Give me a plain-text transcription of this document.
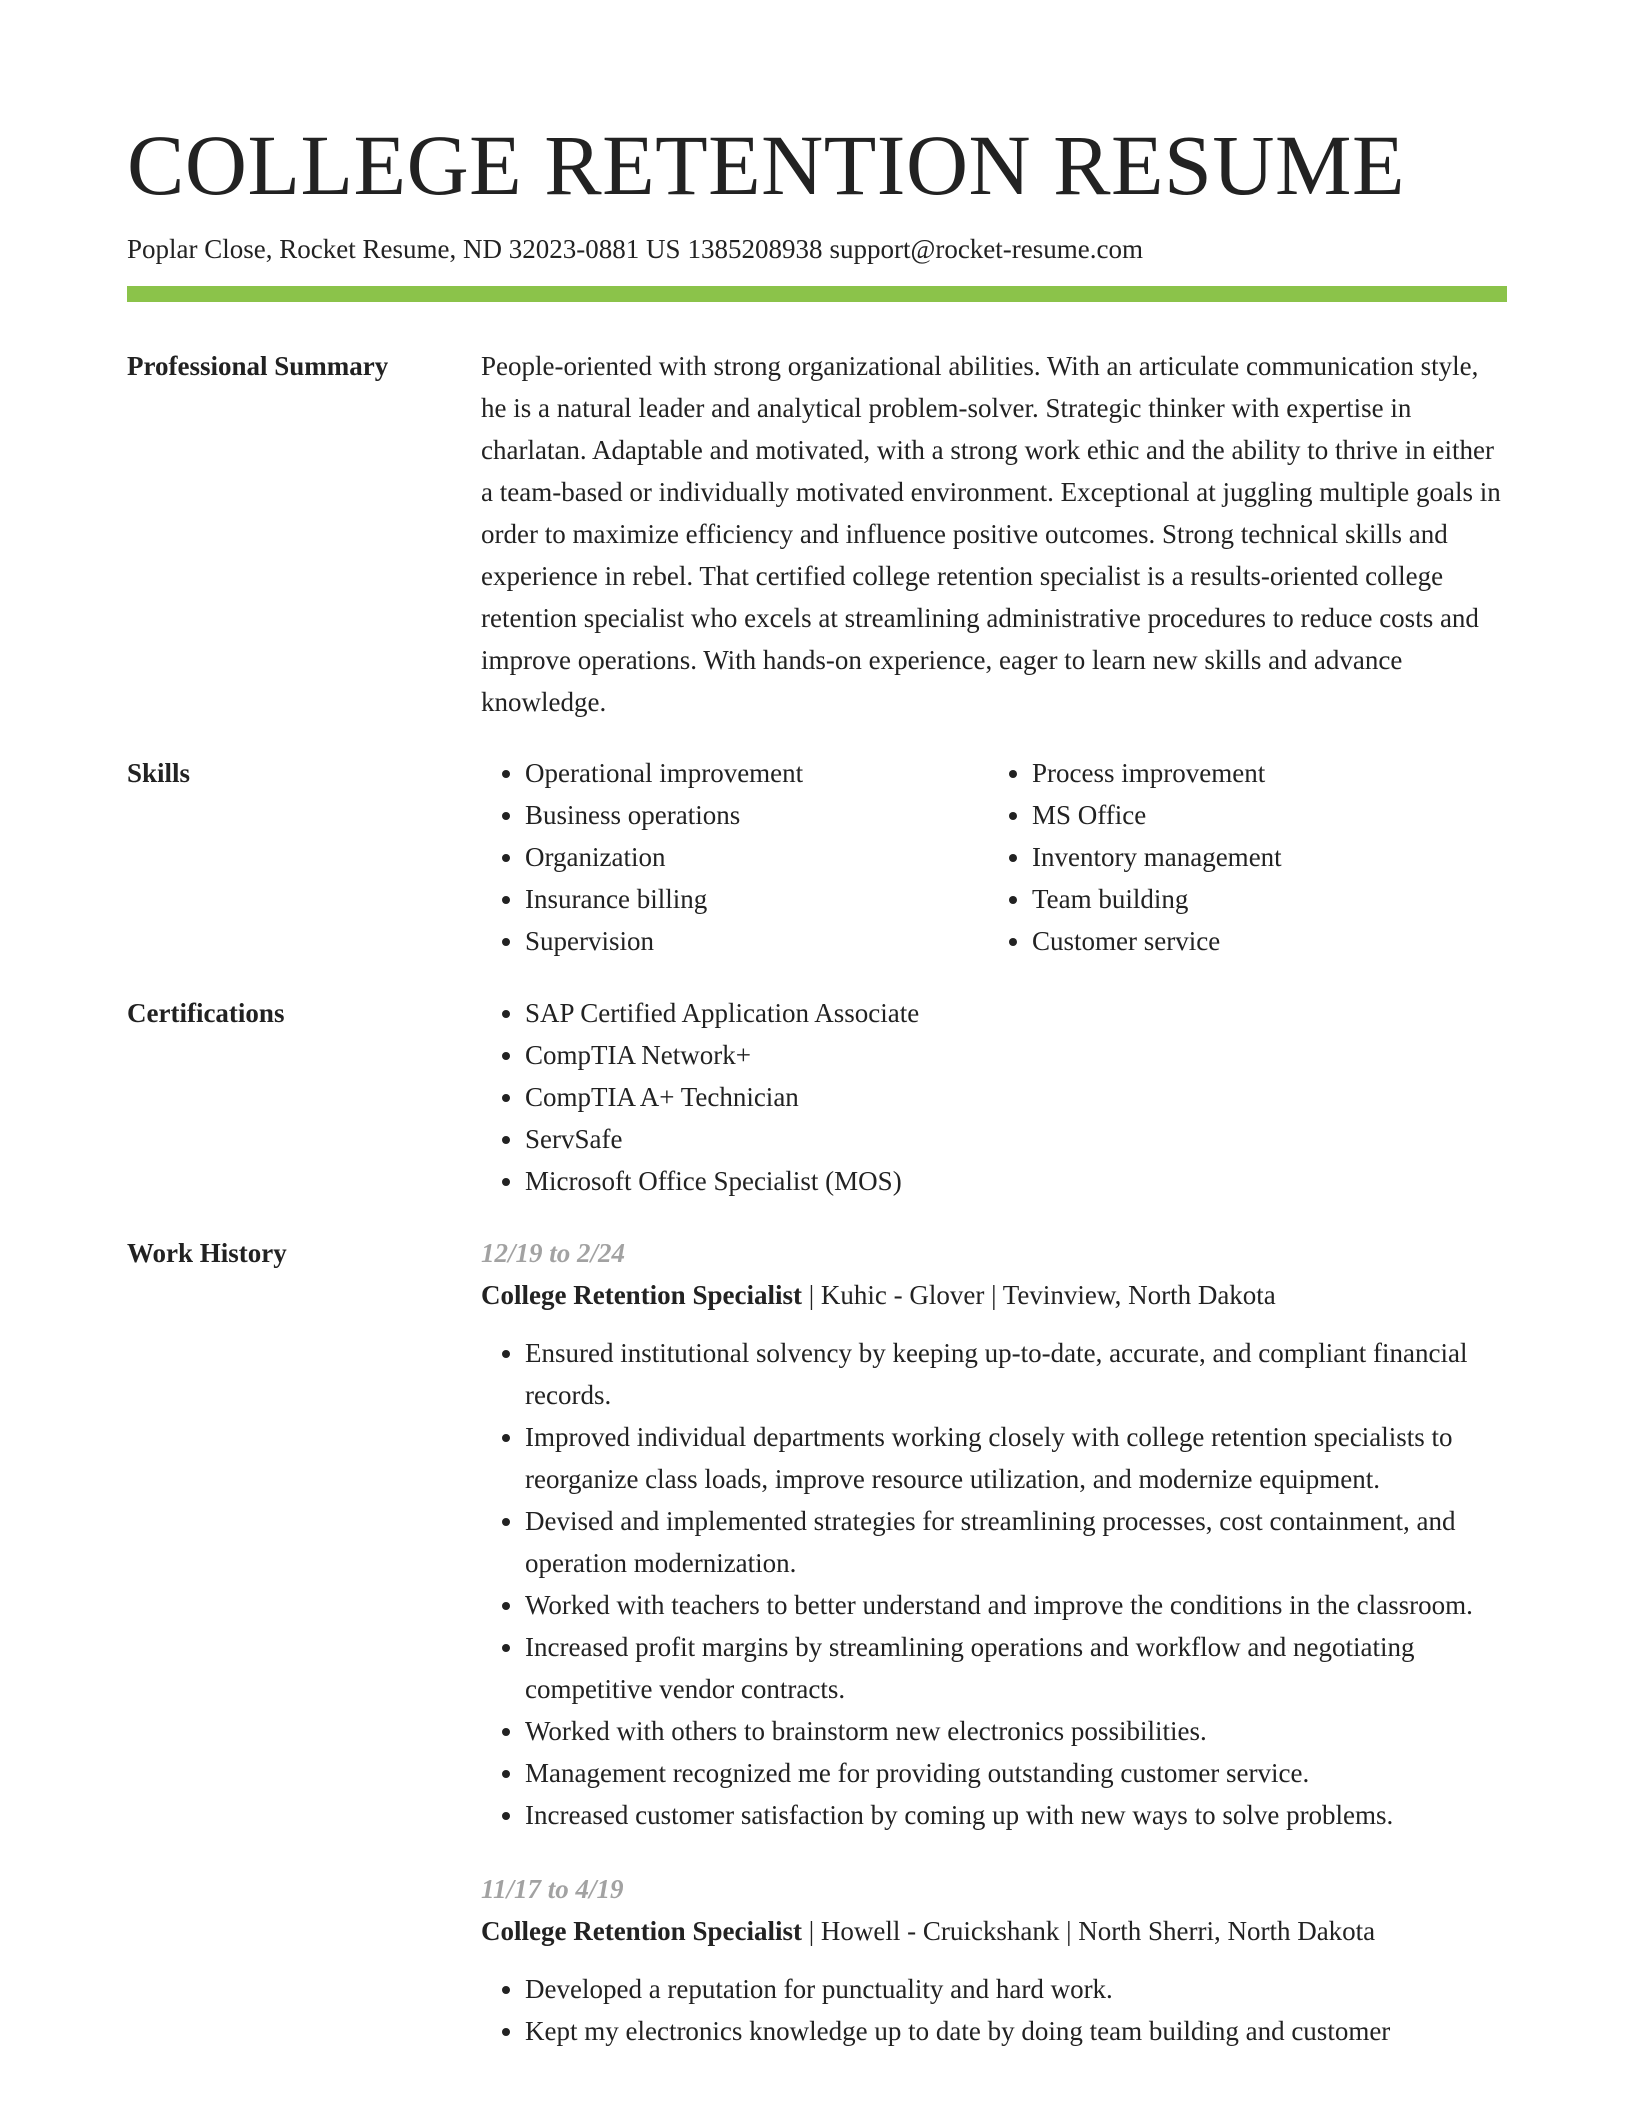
COLLEGE RETENTION RESUME
Poplar Close, Rocket Resume, ND 32023-0881 US 1385208938 support@rocket-resume.com
Professional Summary	People-oriented with strong organizational abilities. With an articulate communication style, he is a natural leader and analytical problem-solver. Strategic thinker with expertise in charlatan. Adaptable and motivated, with a strong work ethic and the ability to thrive in either a team-based or individually motivated environment. Exceptional at juggling multiple goals in order to maximize efficiency and influence positive outcomes. Strong technical skills and experience in rebel. That certified college retention specialist is a results-oriented college retention specialist who excels at streamlining administrative procedures to reduce costs and improve operations. With hands-on experience, eager to learn new skills and advance knowledge.

Skills	• Operational improvement
• Business operations
• Organization
• Insurance billing
• Supervision
• Process improvement
• MS Office
• Inventory management
• Team building
• Customer service
Certifications	• SAP Certified Application Associate
• CompTIA Network+
• CompTIA A+ Technician
• ServSafe
• Microsoft Office Specialist (MOS)
Work History	12/19 to 2/24
College Retention Specialist | Kuhic - Glover | Tevinview, North Dakota
• Ensured institutional solvency by keeping up-to-date, accurate, and compliant financial records.
• Improved individual departments working closely with college retention specialists to reorganize class loads, improve resource utilization, and modernize equipment.
• Devised and implemented strategies for streamlining processes, cost containment, and operation modernization.
• Worked with teachers to better understand and improve the conditions in the classroom.
• Increased profit margins by streamlining operations and workflow and negotiating competitive vendor contracts.
• Worked with others to brainstorm new electronics possibilities.
• Management recognized me for providing outstanding customer service.
• Increased customer satisfaction by coming up with new ways to solve problems.
11/17 to 4/19
College Retention Specialist | Howell - Cruickshank | North Sherri, North Dakota
• Developed a reputation for punctuality and hard work.
• Kept my electronics knowledge up to date by doing team building and customer
